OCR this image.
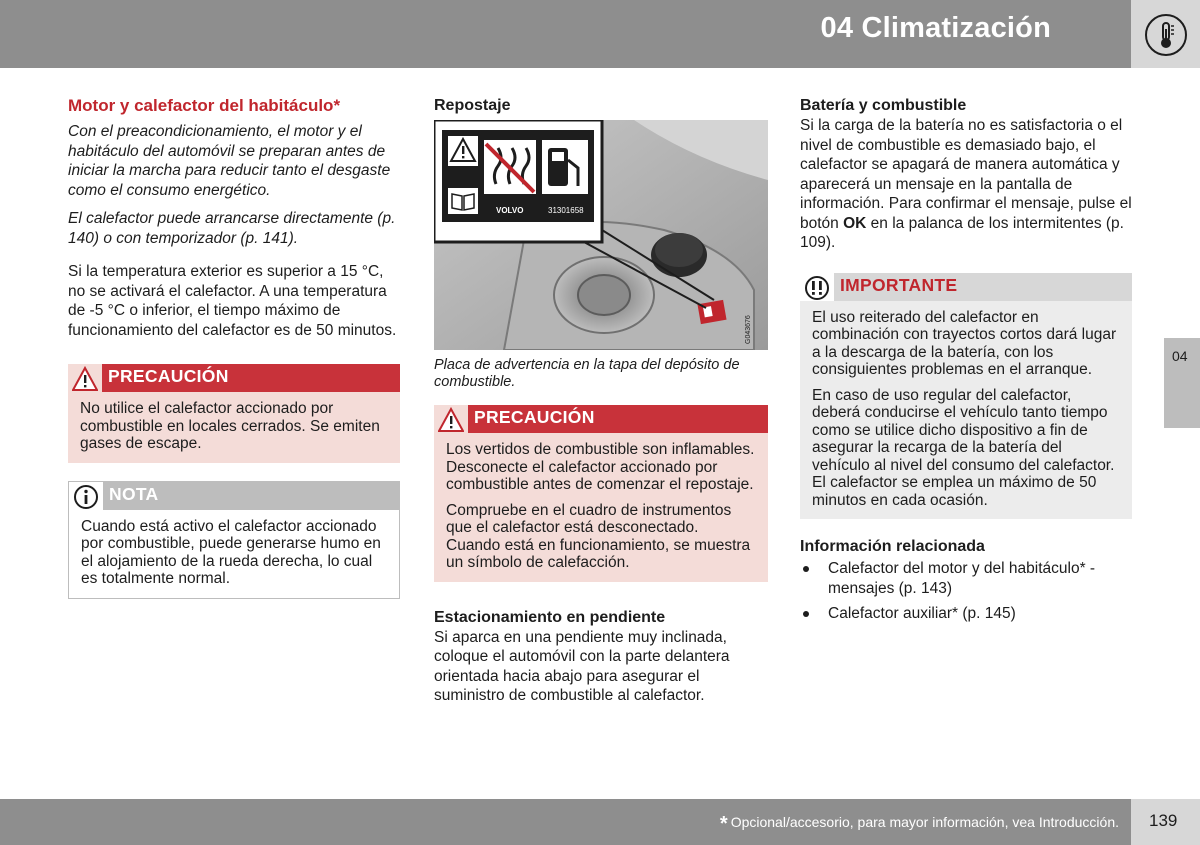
04 Climatización
04
Motor y calefactor del habitáculo*

Con el preacondicionamiento, el motor y el habitáculo del automóvil se preparan antes de iniciar la marcha para reducir tanto el desgaste como el consumo energético.

El calefactor puede arrancarse directamente (p. 140) o con temporizador (p. 141).

Si la temperatura exterior es superior a 15 °C, no se activará el calefactor. A una temperatura de -5 °C o inferior, el tiempo máximo de funcionamiento del calefactor es de 50 minutos.

PRECAUCIÓN

No utilice el calefactor accionado por combustible en locales cerrados. Se emiten gases de escape.

NOTA

Cuando está activo el calefactor accionado por combustible, puede generarse humo en el alojamiento de la rueda derecha, lo cual es totalmente normal.

Repostaje
VOLVO	31301658
G043676
Placa de advertencia en la tapa del depósito de combustible.
PRECAUCIÓN

Los vertidos de combustible son inflamables. Desconecte el calefactor accionado por combustible antes de comenzar el repostaje.

Compruebe en el cuadro de instrumentos que el calefactor está desconectado. Cuando está en funcionamiento, se muestra un símbolo de calefacción.

Estacionamiento en pendiente

Si aparca en una pendiente muy inclinada, coloque el automóvil con la parte delantera orientada hacia abajo para asegurar el suministro de combustible al calefactor.

Batería y combustible

Si la carga de la batería no es satisfactoria o el nivel de combustible es demasiado bajo, el calefactor se apagará de manera automática y aparecerá un mensaje en la pantalla de información. Para confirmar el mensaje, pulse el botón OK en la palanca de los intermitentes (p. 109).

IMPORTANTE

El uso reiterado del calefactor en combinación con trayectos cortos dará lugar a la descarga de la batería, con los consiguientes problemas en el arranque.

En caso de uso regular del calefactor, deberá conducirse el vehículo tanto tiempo como se utilice dicho dispositivo a fin de asegurar la recarga de la batería del vehículo al nivel del consumo del calefactor. El calefactor se emplea un máximo de 50 minutos en cada ocasión.

Información relacionada
Calefactor del motor y del habitáculo* - mensajes (p. 143)
Calefactor auxiliar* (p. 145)
* Opcional/accesorio, para mayor información, vea Introducción. 139
